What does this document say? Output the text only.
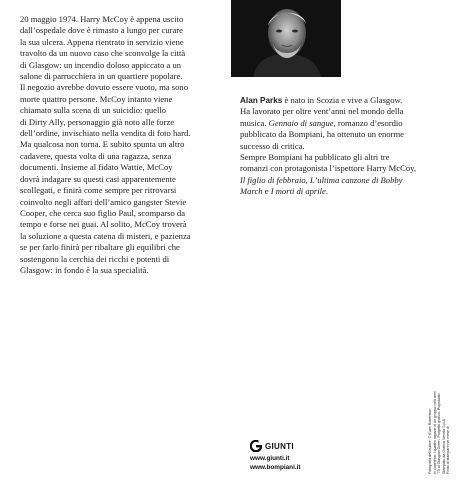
20 maggio 1974. Harry McCoy è appena uscito

dall’ospedale dove è rimasto a lungo per curare

la sua ulcera. Appena rientrato in servizio viene

travolto da un nuovo caso che sconvolge la città

di Glasgow: un incendio doloso appiccato a un

salone di parrucchiera in un quartiere popolare.

Il negozio avrebbe dovuto essere vuoto, ma sono

morte quattro persone. McCoy intanto viene

chiamato sulla scena di un suicidio: quello

di Dirty Ally, personaggio già noto alle forze

dell’ordine, invischiato nella vendita di foto hard.

Ma qualcosa non torna. E subito spunta un altro

cadavere, questa volta di una ragazza, senza

documenti. Insieme al fidato Wattie, McCoy

dovrà indagare su questi casi apparentemente

scollegati, e finirà come sempre per ritrovarsi

coinvolto negli affari dell’amico gangster Stevie

Cooper, che cerca suo figlio Paul, scomparso da

tempo e forse nei guai. Al solito, McCoy troverà

la soluzione a questa catena di misteri, e pazienza

se per farlo finirà per ribaltare gli equilibri che

sostengono la cerchia dei ricchi e potenti di

Glasgow: in fondo è la sua specialità.

Alan Parks è nato in Scozia e vive a Glasgow.

Ha lavorato per oltre vent’anni nel mondo della

musica. Gennaio di sangue, romanzo d’esordio

pubblicato da Bompiani, ha ottenuto un enorme

successo di critica.

Sempre Bompiani ha pubblicato gli altri tre

romanzi con protagonista l’ispettore Harry McCoy,

Il figlio di febbraio, L’ultima canzone di Bobby

March e I morti di aprile.

GIUNTI
www.giunti.it
www.bompiani.it	Fotografia dell’autore: © Euan Robertson In copertina: i quattro ragazzi di un gruppo rock anni ’70 al Glasgow Green. Progetto grafico: Polystudio Stampato da Grafica Veneta S.p.A. Finito di stampare nel mese di
